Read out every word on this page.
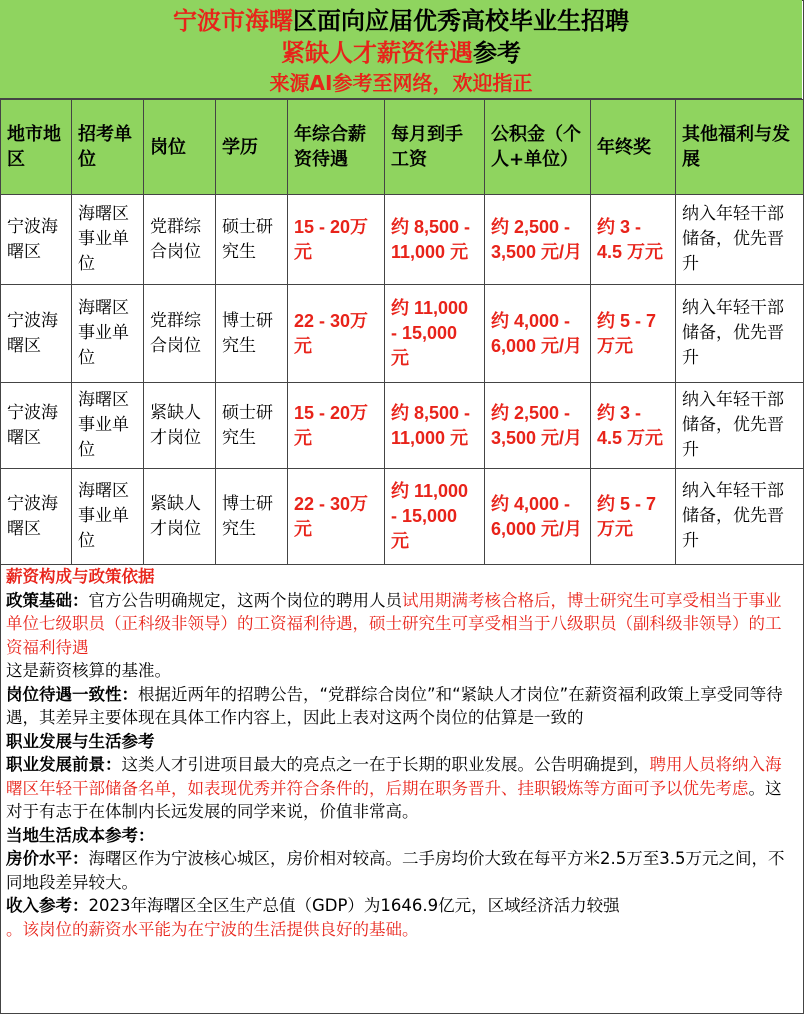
宁波市海曙区面向应届优秀高校毕业生招聘
紧缺人才薪资待遇参考
来源AI参考至网络，欢迎指正
地市地区	招考单位	岗位	学历	年综合薪资待遇	每月到手工资	公积金（个人+单位）	年终奖	其他福利与发展
宁波海曙区	海曙区事业单位	党群综合岗位	硕士研究生	15 - 20万元	约 8,500 - 11,000 元	约 2,500 - 3,500 元/月	约 3 - 4.5 万元	纳入年轻干部储备，优先晋升
宁波海曙区	海曙区事业单位	党群综合岗位	博士研究生	22 - 30万元	约 11,000 - 15,000 元	约 4,000 - 6,000 元/月	约 5 - 7 万元	纳入年轻干部储备，优先晋升
宁波海曙区	海曙区事业单位	紧缺人才岗位	硕士研究生	15 - 20万元	约 8,500 - 11,000 元	约 2,500 - 3,500 元/月	约 3 - 4.5 万元	纳入年轻干部储备，优先晋升
宁波海曙区	海曙区事业单位	紧缺人才岗位	博士研究生	22 - 30万元	约 11,000 - 15,000 元	约 4,000 - 6,000 元/月	约 5 - 7 万元	纳入年轻干部储备，优先晋升

薪资构成与政策依据

政策基础：官方公告明确规定，这两个岗位的聘用人员试用期满考核合格后，博士研究生可享受相当于事业单位七级职员（正科级非领导）的工资福利待遇，硕士研究生可享受相当于八级职员（副科级非领导）的工资福利待遇

这是薪资核算的基准。

岗位待遇一致性：根据近两年的招聘公告，“党群综合岗位”和“紧缺人才岗位”在薪资福利政策上享受同等待遇，其差异主要体现在具体工作内容上，因此上表对这两个岗位的估算是一致的

职业发展与生活参考

职业发展前景：这类人才引进项目最大的亮点之一在于长期的职业发展。公告明确提到，聘用人员将纳入海曙区年轻干部储备名单，如表现优秀并符合条件的，后期在职务晋升、挂职锻炼等方面可予以优先考虑。这对于有志于在体制内长远发展的同学来说，价值非常高。

当地生活成本参考：

房价水平：海曙区作为宁波核心城区，房价相对较高。二手房均价大致在每平方米2.5万至3.5万元之间，不同地段差异较大。

收入参考：2023年海曙区全区生产总值（GDP）为1646.9亿元，区域经济活力较强

。该岗位的薪资水平能为在宁波的生活提供良好的基础。
